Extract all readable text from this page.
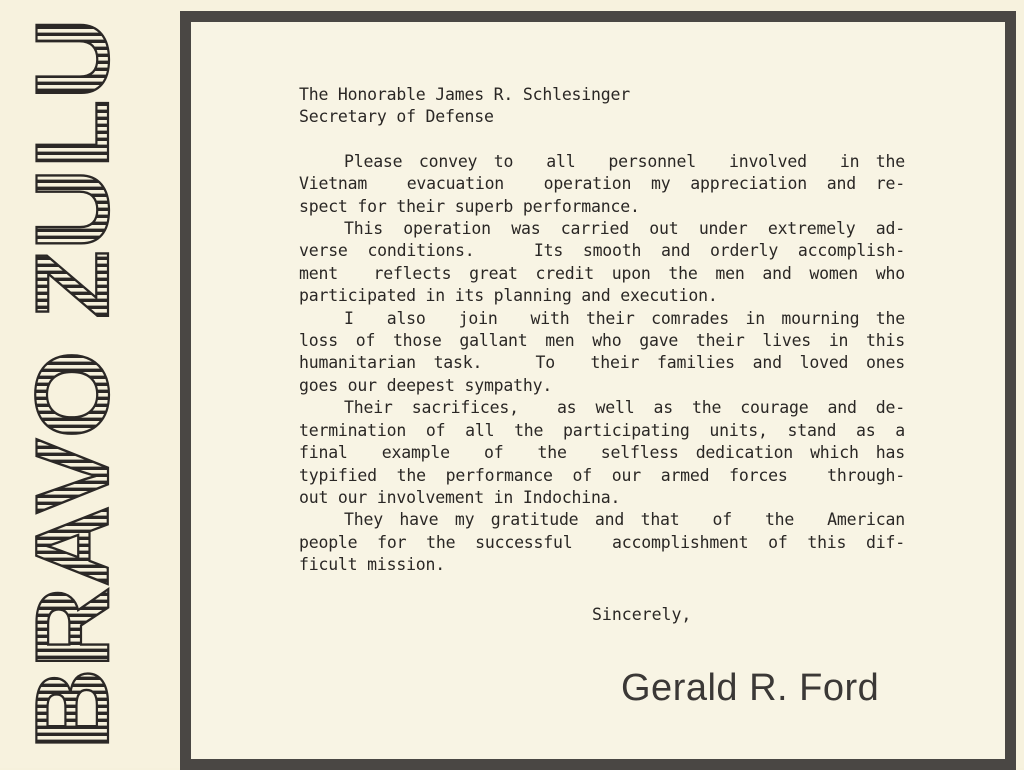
BRAVO ZULU	The Honorable James R. Schlesinger
Secretary of Defense
Please convey to  all  personnel  involved  in the
Vietnam  evacuation  operation my appreciation and re-
spect for their superb performance.
This operation was carried out under extremely ad-
verse conditions.   Its smooth and orderly accomplish-
ment  reflects great credit upon the men and women who
participated in its planning and execution.
I  also  join  with their comrades in mourning the
loss of those gallant men who gave their lives in this
humanitarian task.   To  their families and loved ones
goes our deepest sympathy.
Their sacrifices,  as well as the courage and de-
termination of all the participating units, stand as a
final  example  of  the  selfless dedication which has
typified the performance of our armed forces  through-
out our involvement in Indochina.
They have my gratitude and that  of  the  American
people for the successful  accomplishment of this dif-
ficult mission.
Sincerely,
Gerald R. Ford
